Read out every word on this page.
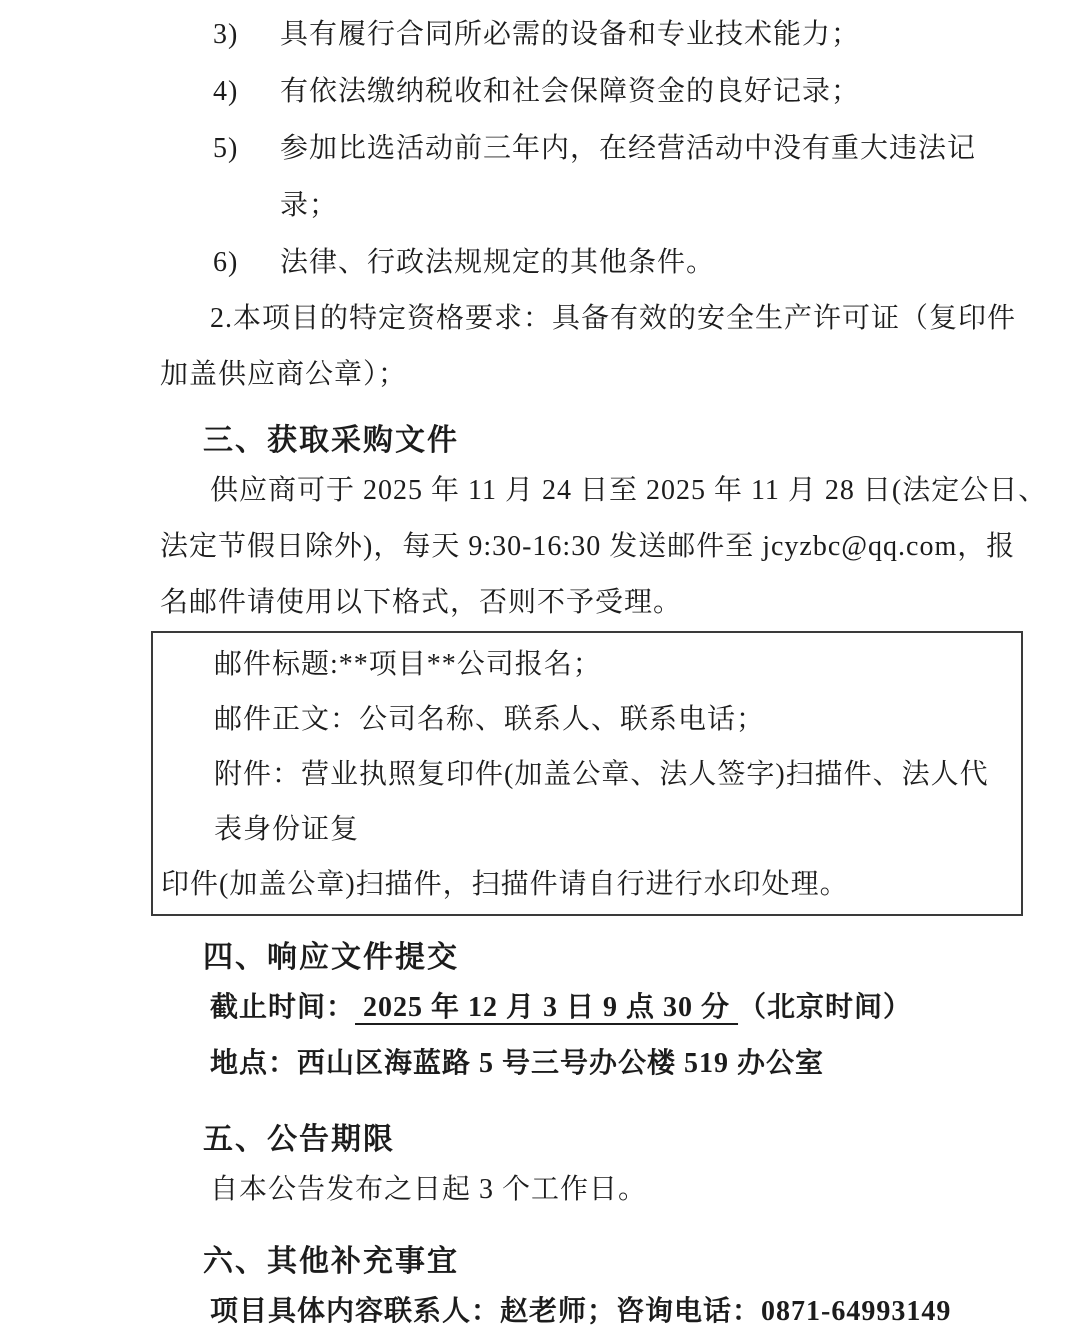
3)	具有履行合同所必需的设备和专业技术能力；
4)	有依法缴纳税收和社会保障资金的良好记录；
5)	参加比选活动前三年内，在经营活动中没有重大违法记录；
6)	法律、行政法规规定的其他条件。
2.本项目的特定资格要求：具备有效的安全生产许可证（复印件
加盖供应商公章）；
三、获取采购文件
供应商可于 2025 年 11 月 24 日至 2025 年 11 月 28 日(法定公日、
法定节假日除外)，每天 9:30-16:30 发送邮件至 jcyzbc@qq.com，报
名邮件请使用以下格式，否则不予受理。
邮件标题:**项目**公司报名；
邮件正文：公司名称、联系人、联系电话；
附件：营业执照复印件(加盖公章、法人签字)扫描件、法人代表身份证复
印件(加盖公章)扫描件，扫描件请自行进行水印处理。
四、响应文件提交
截止时间： 2025 年 12 月 3 日 9 点 30 分 （北京时间）
地点：西山区海蓝路 5 号三号办公楼 519 办公室
五、公告期限
自本公告发布之日起 3 个工作日。
六、其他补充事宜
项目具体内容联系人：赵老师；咨询电话：0871-64993149
